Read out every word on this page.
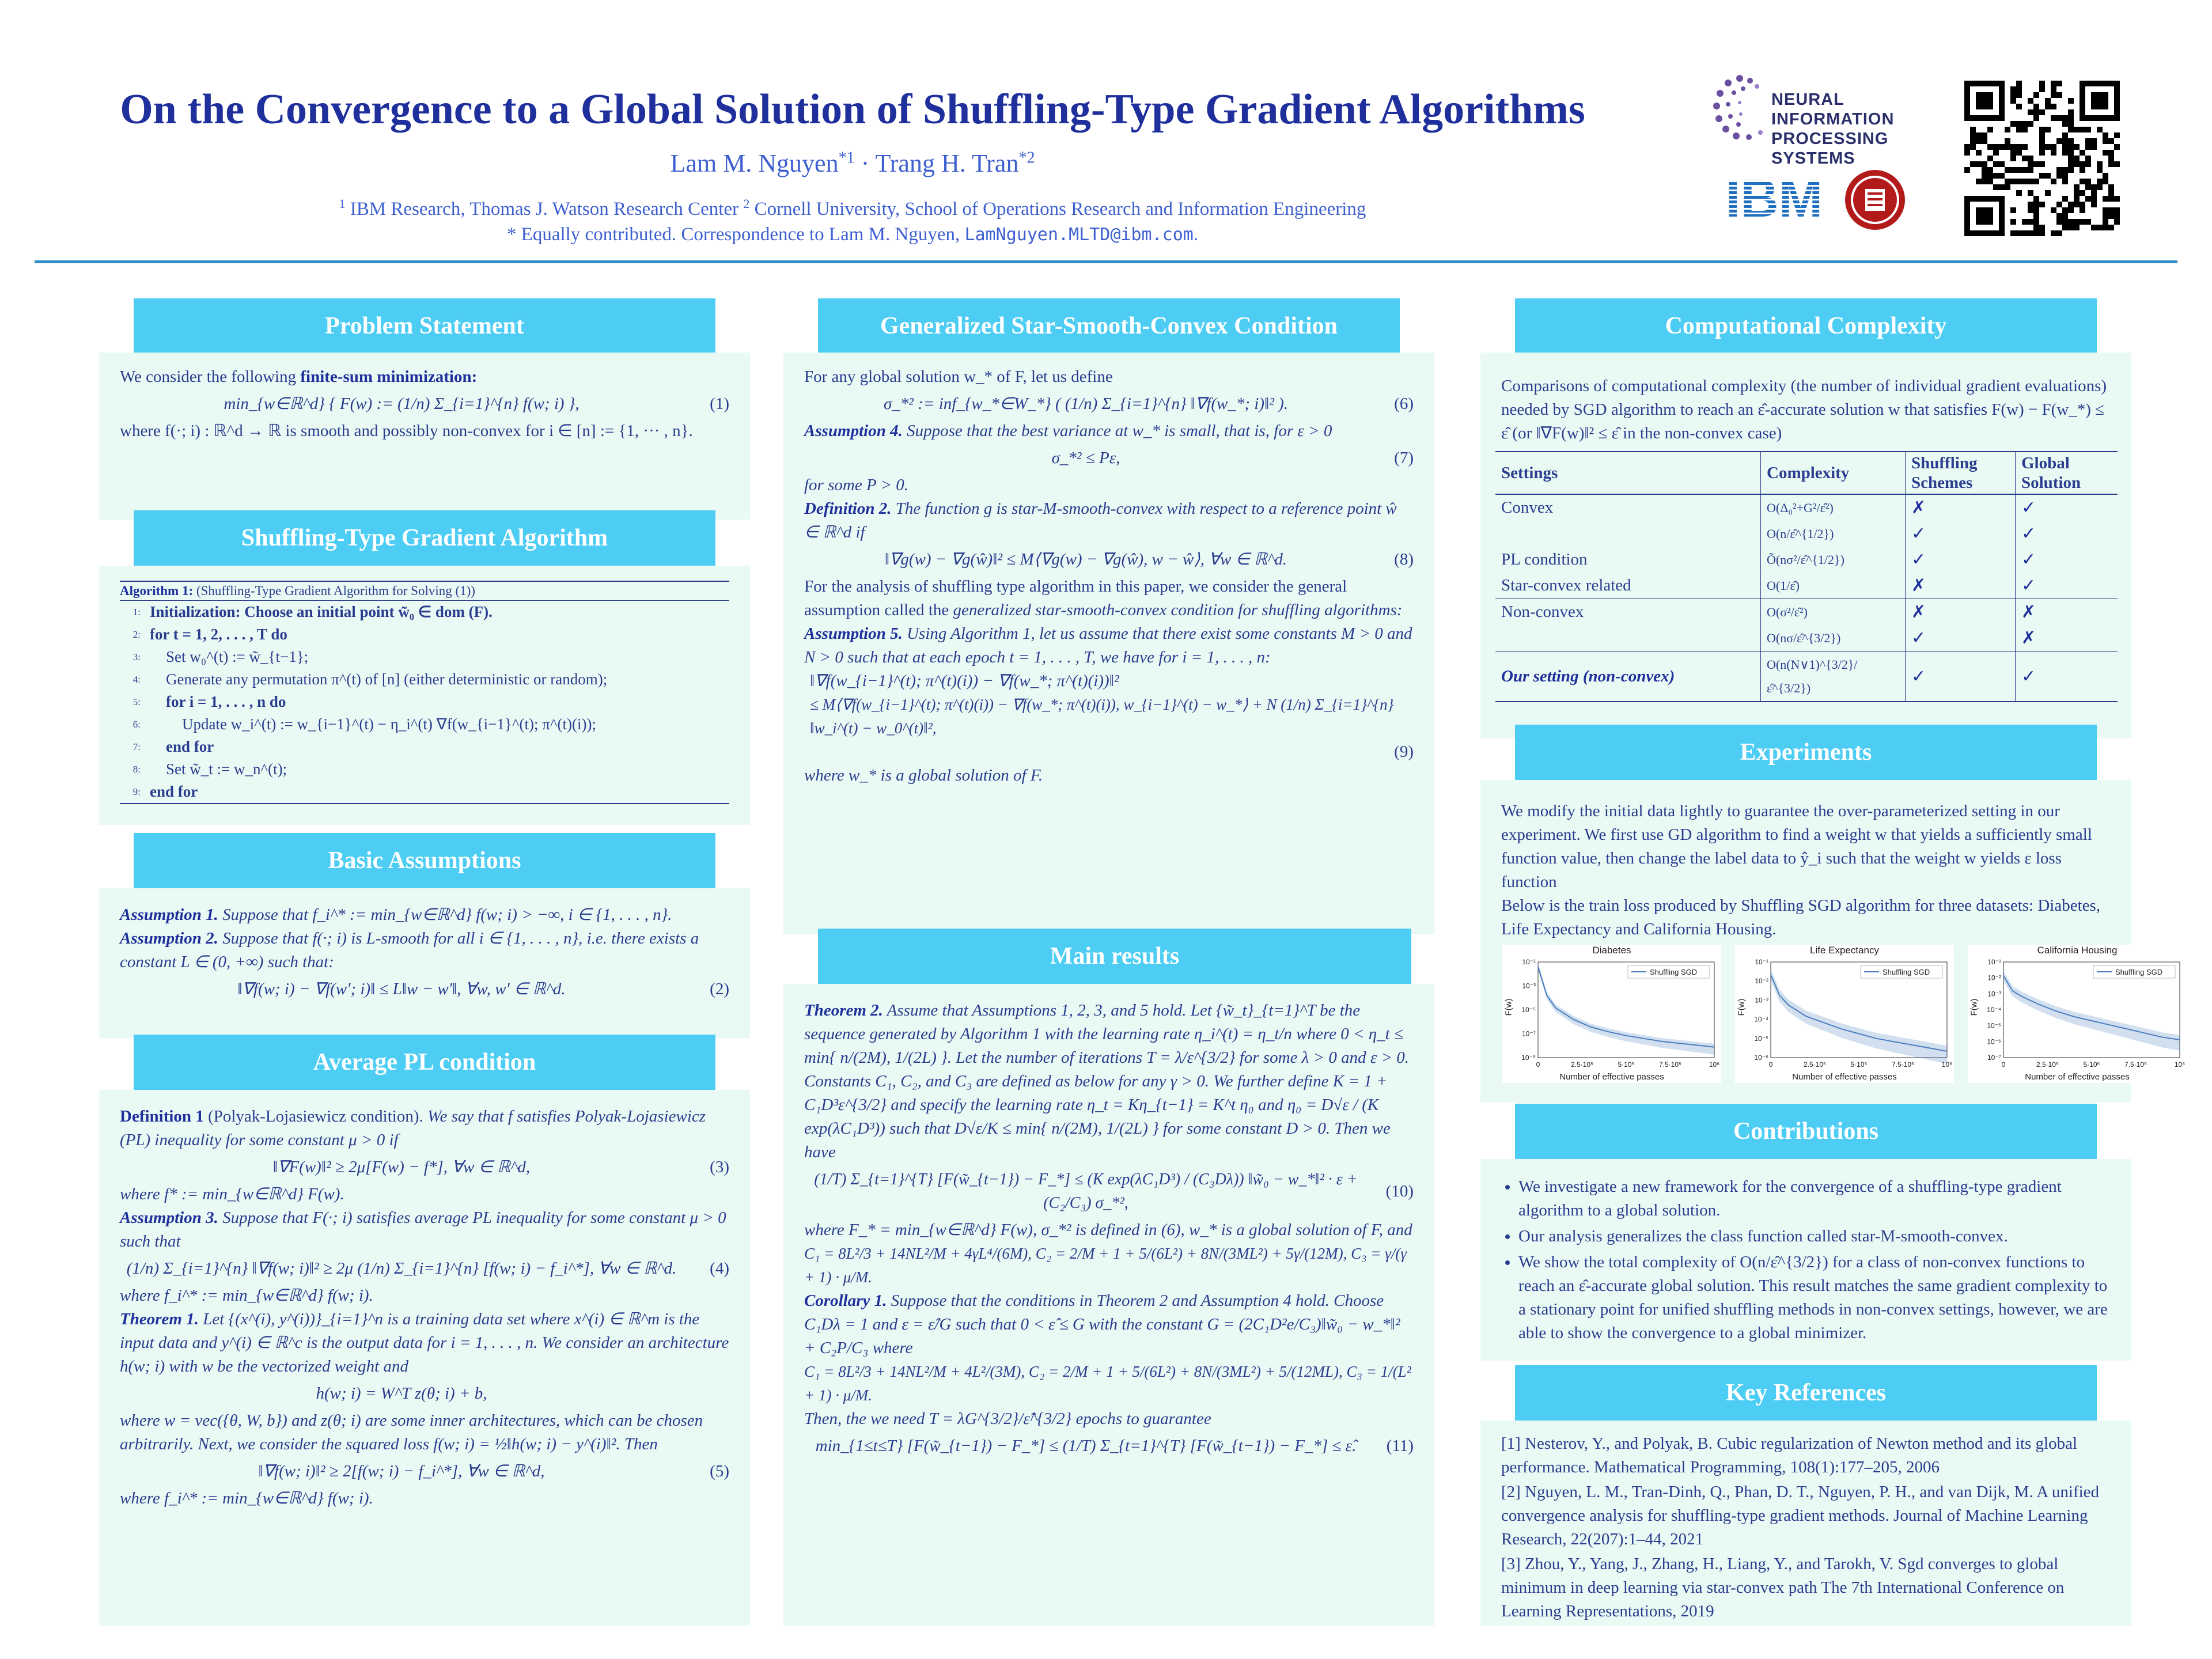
On the Convergence to a Global Solution of Shuffling-Type Gradient Algorithms
Lam M. Nguyen$^{*1}$ · Trang H. Tran$^{*2}$
$^1$ IBM Research, Thomas J. Watson Research Center $^2$ Cornell University, School of Operations Research and Information Engineering
* Equally contributed. Correspondence to Lam M. Nguyen, LamNguyen.MLTD@ibm.com.
NEURAL INFORMATION
PROCESSING SYSTEMS
IBM
Problem Statement
We consider the following finite-sum minimization:
min_{w∈ℝ^d} { F(w) := (1/n) Σ_{i=1}^{n} f(w; i) },	(1)
where f(·; i) : ℝ^d → ℝ is smooth and possibly non-convex for i ∈ [n] := {1, ··· , n}.
Shuffling-Type Gradient Algorithm
Algorithm 1: (Shuffling-Type Gradient Algorithm for Solving (1))
1: Initialization: Choose an initial point w̃₀ ∈ dom (F).
2: for t = 1, 2, . . . , T do
3:	Set w₀^(t) := w̃_{t−1};
4:	Generate any permutation π^(t) of [n] (either deterministic or random);
5:	for i = 1, . . . , n do
6:	Update w_i^(t) := w_{i−1}^(t) − η_i^(t) ∇f(w_{i−1}^(t); π^(t)(i));
7:	end for
8:	Set w̃_t := w_n^(t);
9: end for
Basic Assumptions
Assumption 1. Suppose that f_i^* := min_{w∈ℝ^d} f(w; i) > −∞, i ∈ {1, . . . , n}.
Assumption 2. Suppose that f(·; i) is L-smooth for all i ∈ {1, . . . , n}, i.e. there exists a constant L ∈ (0, +∞) such that:
‖∇f(w; i) − ∇f(w′; i)‖ ≤ L‖w − w′‖, ∀w, w′ ∈ ℝ^d.	(2)
Average PL condition
Definition 1 (Polyak-Lojasiewicz condition). We say that f satisfies Polyak-Lojasiewicz (PL) inequality for some constant μ > 0 if
‖∇F(w)‖² ≥ 2μ[F(w) − f*], ∀w ∈ ℝ^d,	(3)
where f* := min_{w∈ℝ^d} F(w).
Assumption 3. Suppose that F(·; i) satisfies average PL inequality for some constant μ > 0 such that
(1/n) Σ_{i=1}^{n} ‖∇f(w; i)‖² ≥ 2μ (1/n) Σ_{i=1}^{n} [f(w; i) − f_i^*], ∀w ∈ ℝ^d.	(4)
where f_i^* := min_{w∈ℝ^d} f(w; i).
Theorem 1. Let {(x^(i), y^(i))}_{i=1}^n is a training data set where x^(i) ∈ ℝ^m is the input data and y^(i) ∈ ℝ^c is the output data for i = 1, . . . , n. We consider an architecture h(w; i) with w be the vectorized weight and
h(w; i) = W^T z(θ; i) + b,
where w = vec({θ, W, b}) and z(θ; i) are some inner architectures, which can be chosen arbitrarily. Next, we consider the squared loss f(w; i) = ½‖h(w; i) − y^(i)‖². Then
‖∇f(w; i)‖² ≥ 2[f(w; i) − f_i^*], ∀w ∈ ℝ^d,	(5)
where f_i^* := min_{w∈ℝ^d} f(w; i).
Generalized Star-Smooth-Convex Condition
For any global solution w_* of F, let us define
σ_*² := inf_{w_*∈W_*} ( (1/n) Σ_{i=1}^{n} ‖∇f(w_*; i)‖² ).	(6)
Assumption 4. Suppose that the best variance at w_* is small, that is, for ε > 0
σ_*² ≤ Pε,	(7)
for some P > 0.
Definition 2. The function g is star-M-smooth-convex with respect to a reference point ŵ ∈ ℝ^d if
‖∇g(w) − ∇g(ŵ)‖² ≤ M⟨∇g(w) − ∇g(ŵ), w − ŵ⟩, ∀w ∈ ℝ^d.	(8)
For the analysis of shuffling type algorithm in this paper, we consider the general assumption called the generalized star-smooth-convex condition for shuffling algorithms:
Assumption 5. Using Algorithm 1, let us assume that there exist some constants M > 0 and N > 0 such that at each epoch t = 1, . . . , T, we have for i = 1, . . . , n:
‖∇f(w_{i−1}^(t); π^(t)(i)) − ∇f(w_*; π^(t)(i))‖²
≤ M⟨∇f(w_{i−1}^(t); π^(t)(i)) − ∇f(w_*; π^(t)(i)), w_{i−1}^(t) − w_*⟩ + N (1/n) Σ_{i=1}^{n} ‖w_i^(t) − w_0^(t)‖²,
(9)
where w_* is a global solution of F.
Main results
Theorem 2. Assume that Assumptions 1, 2, 3, and 5 hold. Let {w̃_t}_{t=1}^T be the sequence generated by Algorithm 1 with the learning rate η_i^(t) = η_t/n where 0 < η_t ≤ min{ n/(2M), 1/(2L) }. Let the number of iterations T = λ/ε^{3/2} for some λ > 0 and ε > 0. Constants C₁, C₂, and C₃ are defined as below for any γ > 0. We further define K = 1 + C₁D³ε^{3/2} and specify the learning rate η_t = Kη_{t−1} = K^t η₀ and η₀ = D√ε / (K exp(λC₁D³)) such that D√ε/K ≤ min{ n/(2M), 1/(2L) } for some constant D > 0. Then we have
(1/T) Σ_{t=1}^{T} [F(w̃_{t−1}) − F_*] ≤ (K exp(λC₁D³) / (C₃Dλ)) ‖w̃₀ − w_*‖² · ε + (C₂/C₃) σ_*²,
(10)
where F_* = min_{w∈ℝ^d} F(w), σ_*² is defined in (6), w_* is a global solution of F, and
C₁ = 8L²/3 + 14NL²/M + 4γL⁴/(6M), C₂ = 2/M + 1 + 5/(6L²) + 8N/(3ML²) + 5γ/(12M), C₃ = γ/(γ + 1) · μ/M.
Corollary 1. Suppose that the conditions in Theorem 2 and Assumption 4 hold. Choose C₁Dλ = 1 and ε = ε̂/G such that 0 < ε̂ ≤ G with the constant G = (2C₁D²e/C₃)‖w̃₀ − w_*‖² + C₂P/C₃ where
C₁ = 8L²/3 + 14NL²/M + 4L²/(3M), C₂ = 2/M + 1 + 5/(6L²) + 8N/(3ML²) + 5/(12ML), C₃ = 1/(L² + 1) · μ/M.
Then, the we need T = λG^{3/2}/ε̂^{3/2} epochs to guarantee
min_{1≤t≤T} [F(w̃_{t−1}) − F_*] ≤ (1/T) Σ_{t=1}^{T} [F(w̃_{t−1}) − F_*] ≤ ε̂.	(11)
Computational Complexity
Comparisons of computational complexity (the number of individual gradient evaluations) needed by SGD algorithm to reach an ε̂-accurate solution w that satisfies F(w) − F(w_*) ≤ ε̂ (or ‖∇F(w)‖² ≤ ε̂ in the non-convex case)
Settings	Complexity	Shuffling Schemes	Global Solution
Convex	O(Δ₀²+G²/ε̂²)	✗	✓
	O(n/ε̂^{1/2})	✓	✓
PL condition	Õ(nσ²/ε̂^{1/2})	✓	✓
Star-convex related	O(1/ε̂)	✗	✓
Non-convex	O(σ²/ε̂²)	✗	✗
	O(nσ/ε̂^{3/2})	✓	✗
Our setting (non-convex)	O(n(N∨1)^{3/2}/ε̂^{3/2})	✓	✓
Experiments
We modify the initial data lightly to guarantee the over-parameterized setting in our experiment. We first use GD algorithm to find a weight w that yields a sufficiently small function value, then change the label data to ŷ_i such that the weight w yields ε loss function
Below is the train loss produced by Shuffling SGD algorithm for three datasets: Diabetes, Life Expectancy and California Housing.
0	2.5·10⁵	5·10⁵	7.5·10⁵	10⁶
10⁻¹
10⁻³
10⁻⁵
10⁻⁷
10⁻⁹
Shuffling SGD
Diabetes
Number of effective passes
F(w)
0	2.5·10⁵	5·10⁵	7.5·10⁵	10⁶
10⁻¹
10⁻²
10⁻³
10⁻⁴
10⁻⁵
10⁻⁶
Shuffling SGD
Life Expectancy
Number of effective passes
F(w)
0	2.5·10⁵	5·10⁵	7.5·10⁵	10⁶
10⁻¹
10⁻²
10⁻³
10⁻⁴
10⁻⁵
10⁻⁶
10⁻⁷
Shuffling SGD
California Housing
Number of effective passes
F(w)
Contributions
• We investigate a new framework for the convergence of a shuffling-type gradient algorithm to a global solution.
• Our analysis generalizes the class function called star-M-smooth-convex.
• We show the total complexity of O(n/ε̂^{3/2}) for a class of non-convex functions to reach an ε̂-accurate global solution. This result matches the same gradient complexity to a stationary point for unified shuffling methods in non-convex settings, however, we are able to show the convergence to a global minimizer.
Key References
[1] Nesterov, Y., and Polyak, B. Cubic regularization of Newton method and its global performance. Mathematical Programming, 108(1):177–205, 2006
[2] Nguyen, L. M., Tran-Dinh, Q., Phan, D. T., Nguyen, P. H., and van Dijk, M. A unified convergence analysis for shuffling-type gradient methods. Journal of Machine Learning Research, 22(207):1–44, 2021
[3] Zhou, Y., Yang, J., Zhang, H., Liang, Y., and Tarokh, V. Sgd converges to global minimum in deep learning via star-convex path The 7th International Conference on Learning Representations, 2019
